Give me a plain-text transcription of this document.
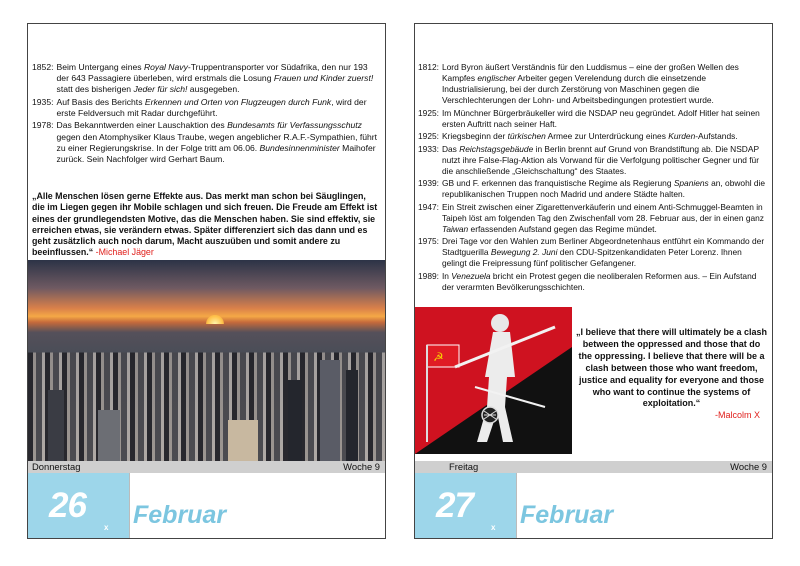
1852: Beim Untergang eines Royal Navy-Truppentransporter vor Südafrika, den nur 193 der 643 Passagiere überleben, wird erstmals die Losung Frauen und Kinder zuerst! statt des bisherigen Jeder für sich! ausgegeben.
1935: Auf Basis des Berichts Erkennen und Orten von Flugzeugen durch Funk, wird der erste Feldversuch mit Radar durchgeführt.
1978: Das Bekanntwerden einer Lauschaktion des Bundesamts für Verfassungsschutz gegen den Atomphysiker Klaus Traube, wegen angeblicher R.A.F.-Sympathien, führt zu einer Regierungskrise. In der Folge tritt am 06.06. Bundesinnenminister Maihofer zurück. Sein Nachfolger wird Gerhart Baum.
„Alle Menschen lösen gerne Effekte aus. Das merkt man schon bei Säuglingen, die im Liegen gegen ihr Mobile schlagen und sich freuen. Die Freude am Effekt ist eines der grundlegendsten Motive, das die Menschen haben. Sie sind effektiv, sie erreichen etwas, sie verändern etwas. Später differenziert sich das dann und es geht zusätzlich auch noch darum, Macht auszuüben und somit andere zu beeinflussen.“ -Michael Jäger
Donnerstag	Woche 9
26
x Februar
1812: Lord Byron äußert Verständnis für den Luddismus – eine der großen Wellen des Kampfes englischer Arbeiter gegen Verelendung durch die einsetzende Industrialisierung, bei der durch Zerstörung von Maschinen gegen die Verschlechterungen der Lohn- und Arbeitsbedingungen protestiert wurde.
1925: Im Münchner Bürgerbräukeller wird die NSDAP neu gegründet. Adolf Hitler hat seinen ersten Auftritt nach seiner Haft.
1925: Kriegsbeginn der türkischen Armee zur Unterdrückung eines Kurden-Aufstands.
1933: Das Reichstagsgebäude in Berlin brennt auf Grund von Brandstiftung ab. Die NSDAP nutzt ihre False-Flag-Aktion als Vorwand für die Verfolgung politischer Gegner und für die anschließende „Gleichschaltung“ des Staates.
1939: GB und F. erkennen das franquistische Regime als Regierung Spaniens an, obwohl die republikanischen Truppen noch Madrid und andere Städte halten.
1947: Ein Streit zwischen einer Zigarettenverkäuferin und einem Anti-Schmuggel-Beamten in Taipeh löst am folgenden Tag den Zwischenfall vom 28. Februar aus, der in einen ganz Taiwan erfassenden Aufstand gegen das Regime mündet.
1975: Drei Tage vor den Wahlen zum Berliner Abgeordnetenhaus entführt ein Kommando der Stadtguerilla Bewegung 2. Juni den CDU-Spitzenkandidaten Peter Lorenz. Ihnen gelingt die Freipressung fünf politischer Gefangener.
1989: In Venezuela bricht ein Protest gegen die neoliberalen Reformen aus. – Ein Aufstand der verarmten Bevölkerungsschichten.
☭
„I believe that there will ultimately be a clash between the oppressed and those that do the oppressing. I believe that there will be a clash between those who want freedom, justice and equality for everyone and those who want to continue the systems of exploitation.“
-Malcolm X
Freitag	Woche 9
27
x Februar
